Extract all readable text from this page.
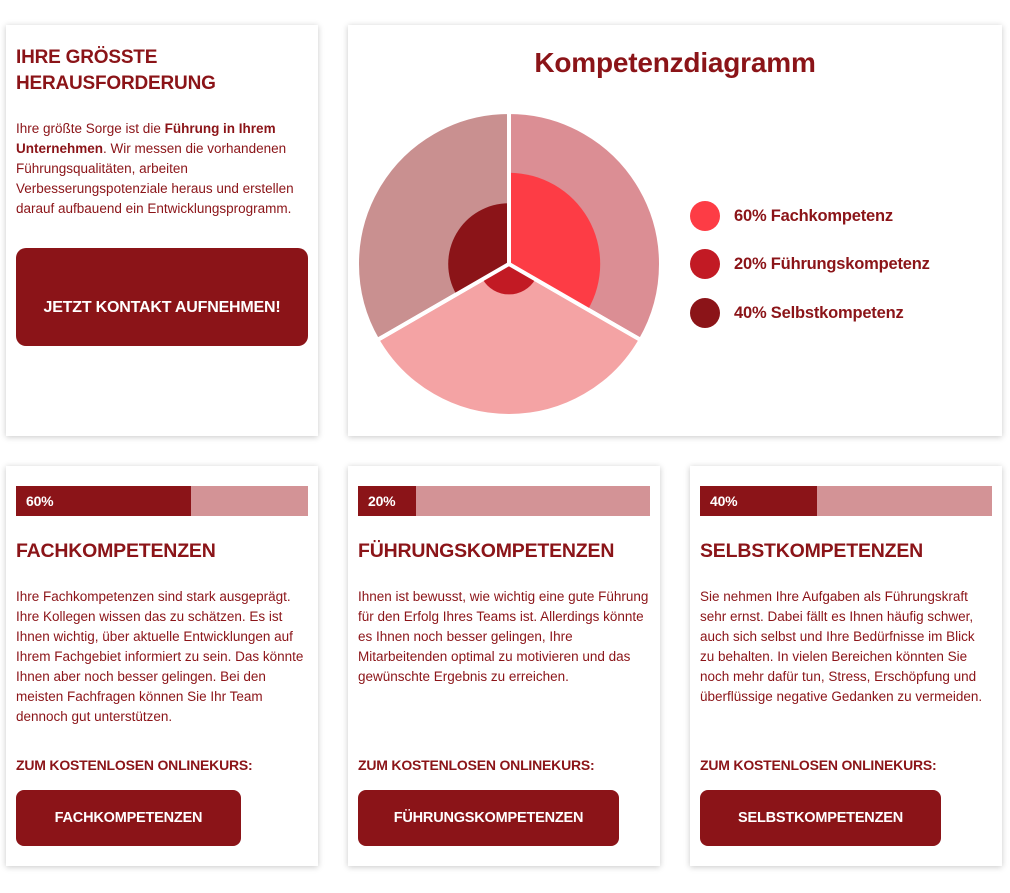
IHRE GRÖSSTE HERAUSFORDERUNG

Ihre größte Sorge ist die Führung in Ihrem Unternehmen. Wir messen die vorhandenen Führungsqualitäten, arbeiten Verbesserungspotenziale heraus und erstellen darauf aufbauend ein Entwicklungsprogramm.

JETZT KONTAKT AUFNEHMEN!
Kompetenzdiagramm
60% Fachkompetenz
20% Führungskompetenz
40% Selbstkompetenz
60%
FACHKOMPETENZEN

Ihre Fachkompetenzen sind stark ausgeprägt. Ihre Kollegen wissen das zu schätzen. Es ist Ihnen wichtig, über aktuelle Entwicklungen auf Ihrem Fachgebiet informiert zu sein. Das könnte Ihnen aber noch besser gelingen. Bei den meisten Fachfragen können Sie Ihr Team dennoch gut unterstützen.

ZUM KOSTENLOSEN ONLINEKURS:
FACHKOMPETENZEN
20%
FÜHRUNGSKOMPETENZEN

Ihnen ist bewusst, wie wichtig eine gute Führung für den Erfolg Ihres Teams ist. Allerdings könnte es Ihnen noch besser gelingen, Ihre Mitarbeitenden optimal zu motivieren und das gewünschte Ergebnis zu erreichen.

ZUM KOSTENLOSEN ONLINEKURS:
FÜHRUNGSKOMPETENZEN
40%
SELBSTKOMPETENZEN

Sie nehmen Ihre Aufgaben als Führungskraft sehr ernst. Dabei fällt es Ihnen häufig schwer, auch sich selbst und Ihre Bedürfnisse im Blick zu behalten. In vielen Bereichen könnten Sie noch mehr dafür tun, Stress, Erschöpfung und überflüssige negative Gedanken zu vermeiden.

ZUM KOSTENLOSEN ONLINEKURS:
SELBSTKOMPETENZEN
